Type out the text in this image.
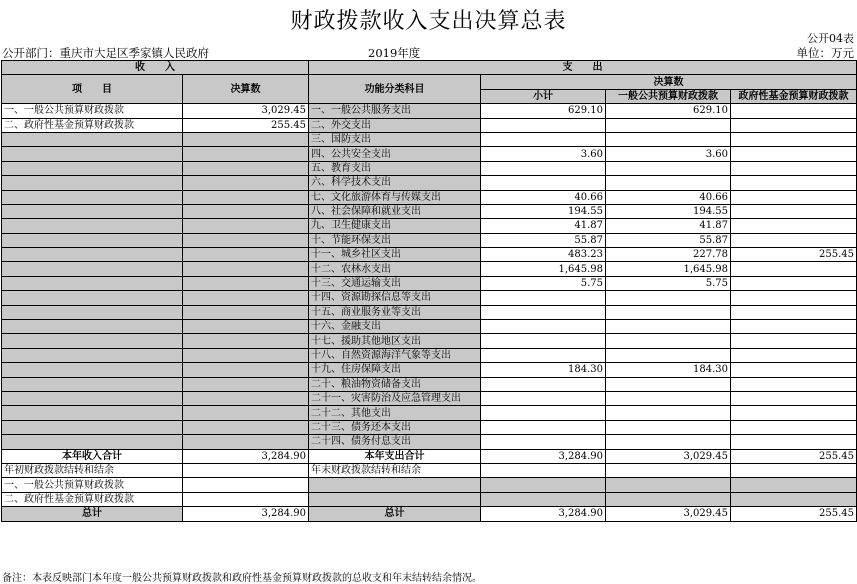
财政拨款收入支出决算总表
公开04表
公开部门：重庆市大足区季家镇人民政府	2019年度	单位：万元
收　　入		支　　出			
项　　目	决算数	功能分类科目	决算数		
			小计	一般公共预算财政拨款	政府性基金预算财政拨款

一、一般公共预算财政拨款	3,029.45	一、一般公共服务支出	629.10	629.10	
二、政府性基金预算财政拨款	255.45	二、外交支出			
		三、国防支出			
		四、公共安全支出	3.60	3.60	
		五、教育支出			
		六、科学技术支出			
		七、文化旅游体育与传媒支出	40.66	40.66	
		八、社会保障和就业支出	194.55	194.55	
		九、卫生健康支出	41.87	41.87	
		十、节能环保支出	55.87	55.87	
		十一、城乡社区支出	483.23	227.78	255.45
		十二、农林水支出	1,645.98	1,645.98	
		十三、交通运输支出	5.75	5.75	
		十四、资源勘探信息等支出			
		十五、商业服务业等支出			
		十六、金融支出			
		十七、援助其他地区支出			
		十八、自然资源海洋气象等支出			
		十九、住房保障支出	184.30	184.30	
		二十、粮油物资储备支出			
		二十一、灾害防治及应急管理支出			
		二十二、其他支出			
		二十三、债务还本支出			
		二十四、债务付息支出			
本年收入合计	3,284.90	本年支出合计	3,284.90	3,029.45	255.45
年初财政拨款结转和结余		年末财政拨款结转和结余			
一、一般公共预算财政拨款					
二、政府性基金预算财政拨款					
总计	3,284.90	总计	3,284.90	3,029.45	255.45
备注：本表反映部门本年度一般公共预算财政拨款和政府性基金预算财政拨款的总收支和年末结转结余情况。
